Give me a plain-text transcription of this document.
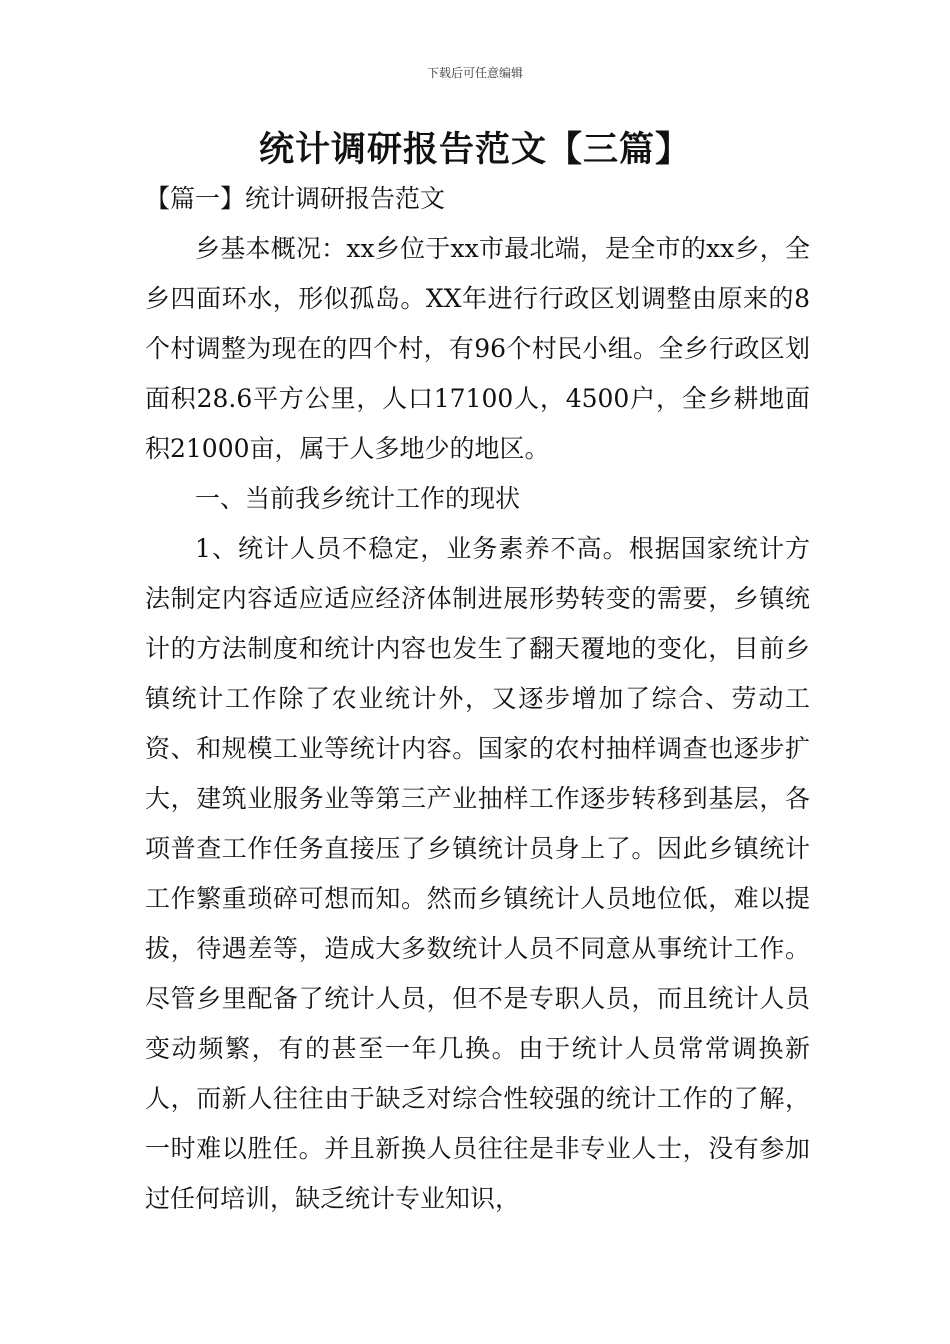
下载后可任意编辑
统计调研报告范文【三篇】

【篇一】统计调研报告范文

乡基本概况：xx乡位于xx市最北端，是全市的xx乡，全乡四面环水，形似孤岛。XX年进行行政区划调整由原来的8个村调整为现在的四个村，有96个村民小组。全乡行政区划面积28.6平方公里，人口17100人，4500户，全乡耕地面积21000亩，属于人多地少的地区。

一、当前我乡统计工作的现状

1、统计人员不稳定，业务素养不高。根据国家统计方法制定内容适应适应经济体制进展形势转变的需要，乡镇统计的方法制度和统计内容也发生了翻天覆地的变化，目前乡镇统计工作除了农业统计外，又逐步增加了综合、劳动工资、和规模工业等统计内容。国家的农村抽样调查也逐步扩大，建筑业服务业等第三产业抽样工作逐步转移到基层，各项普查工作任务直接压了乡镇统计员身上了。因此乡镇统计工作繁重琐碎可想而知。然而乡镇统计人员地位低，难以提拔，待遇差等，造成大多数统计人员不同意从事统计工作。尽管乡里配备了统计人员，但不是专职人员，而且统计人员变动频繁，有的甚至一年几换。由于统计人员常常调换新人，而新人往往由于缺乏对综合性较强的统计工作的了解，一时难以胜任。并且新换人员往往是非专业人士，没有参加过任何培训，缺乏统计专业知识，
